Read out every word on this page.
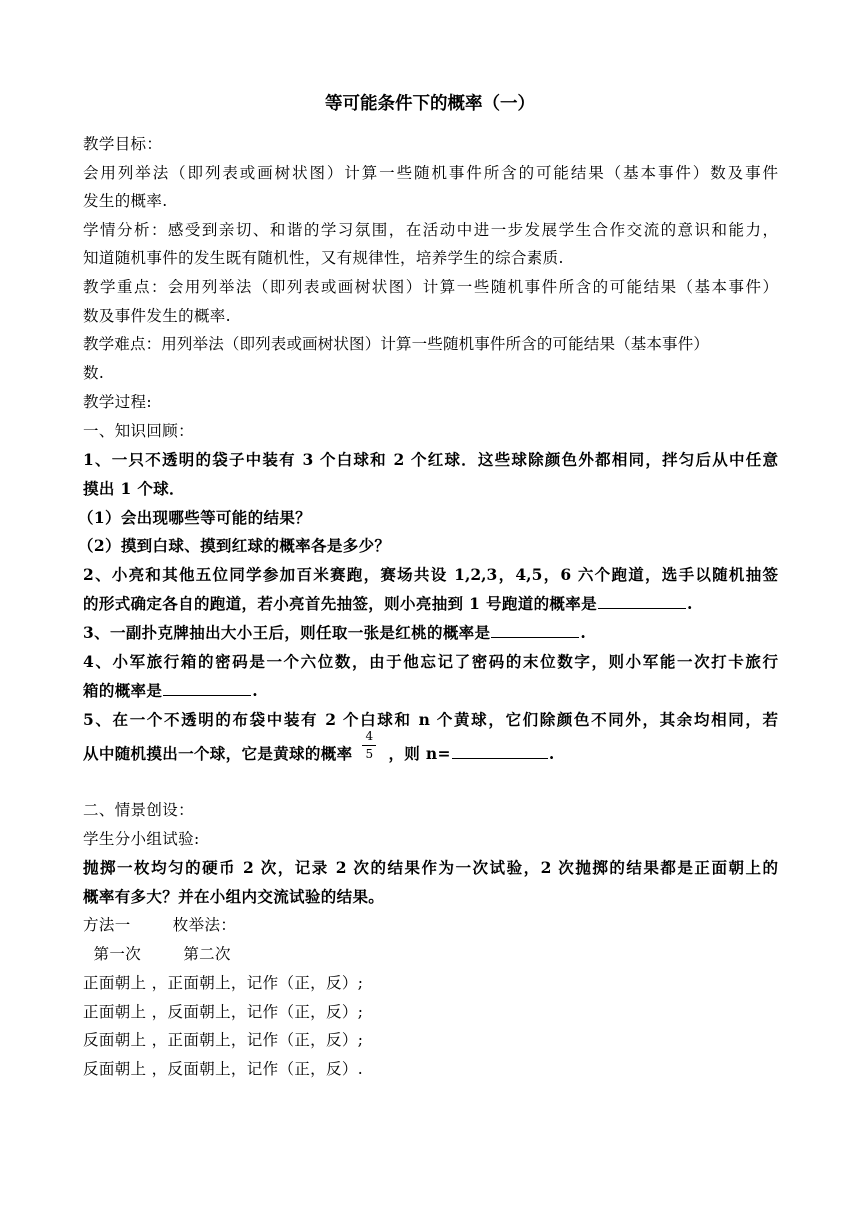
等可能条件下的概率（一）
教学目标：
会用列举法（即列表或画树状图）计算一些随机事件所含的可能结果（基本事件）数及事件
发生的概率.
学情分析：感受到亲切、和谐的学习氛围，在活动中进一步发展学生合作交流的意识和能力，
知道随机事件的发生既有随机性，又有规律性，培养学生的综合素质.
教学重点：会用列举法（即列表或画树状图）计算一些随机事件所含的可能结果（基本事件）
数及事件发生的概率.
教学难点：用列举法（即列表或画树状图）计算一些随机事件所含的可能结果（基本事件）
数.
教学过程:
一、知识回顾：
1、一只不透明的袋子中装有 3 个白球和 2 个红球．这些球除颜色外都相同，拌匀后从中任意
摸出 1 个球．
（1）会出现哪些等可能的结果？
（2）摸到白球、摸到红球的概率各是多少？
2、小亮和其他五位同学参加百米赛跑，赛场共设 1,2,3，4,5，6 六个跑道，选手以随机抽签
的形式确定各自的跑道，若小亮首先抽签，则小亮抽到 1 号跑道的概率是	.
3、一副扑克牌抽出大小王后，则任取一张是红桃的概率是	.
4、小军旅行箱的密码是一个六位数，由于他忘记了密码的末位数字，则小军能一次打卡旅行
箱的概率是	.
5、在一个不透明的布袋中装有 2 个白球和 n 个黄球，它们除颜色不同外，其余均相同，若
从中随机摸出一个球，它是黄球的概率 $\frac{4}{5}$ ，则 n=	.
二、情景创设：
学生分小组试验:
抛掷一枚均匀的硬币 2 次，记录 2 次的结果作为一次试验，2 次抛掷的结果都是正面朝上的
概率有多大？并在小组内交流试验的结果。
方法一        枚举法：
第一次        第二次
正面朝上 ，正面朝上，记作（正，反）;
正面朝上 ，反面朝上，记作（正，反）;
反面朝上 ，正面朝上，记作（正，反）;
反面朝上 ，反面朝上，记作（正，反）.
